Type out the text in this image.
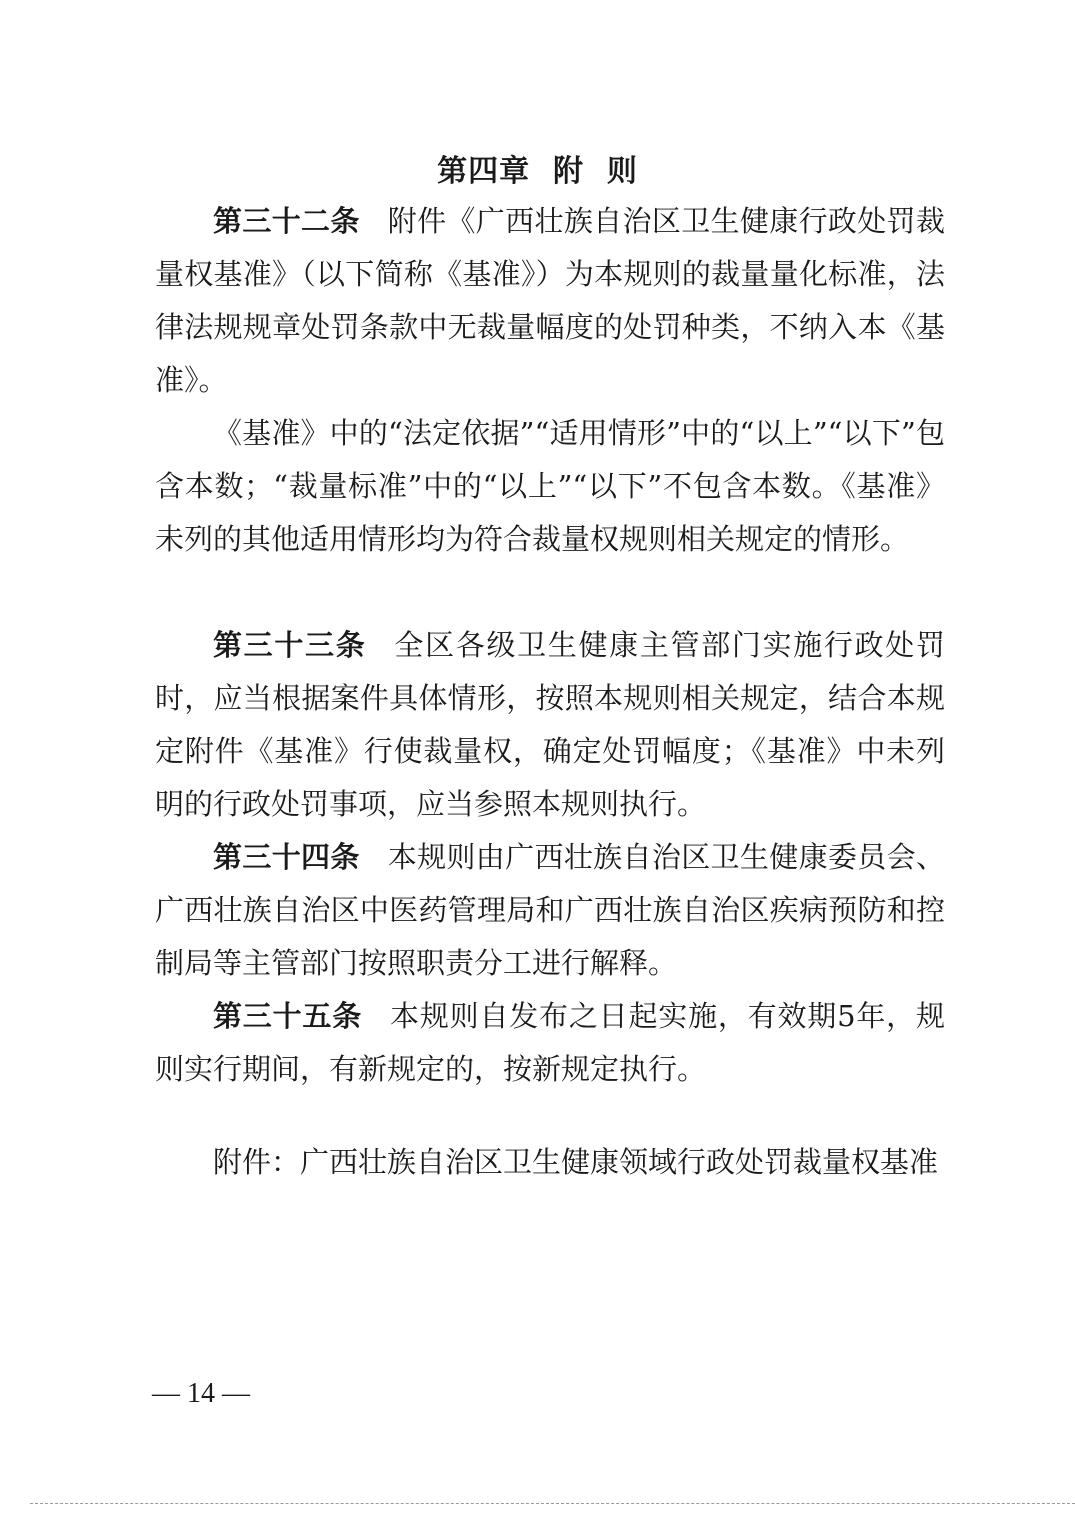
第四章  附  则

第三十二条 附件《广西壮族自治区卫生健康行政处罚裁量权基准》（以下简称《基准》）为本规则的裁量量化标准，法律法规规章处罚条款中无裁量幅度的处罚种类，不纳入本《基准》。

《基准》中的“法定依据”“适用情形”中的“以上”“以下”包含本数；“裁量标准”中的“以上”“以下”不包含本数。《基准》未列的其他适用情形均为符合裁量权规则相关规定的情形。

第三十三条 全区各级卫生健康主管部门实施行政处罚时，应当根据案件具体情形，按照本规则相关规定，结合本规定附件《基准》行使裁量权，确定处罚幅度；《基准》中未列明的行政处罚事项，应当参照本规则执行。

第三十四条 本规则由广西壮族自治区卫生健康委员会、广西壮族自治区中医药管理局和广西壮族自治区疾病预防和控制局等主管部门按照职责分工进行解释。

第三十五条 本规则自发布之日起实施，有效期5年，规则实行期间，有新规定的，按新规定执行。

附件：广西壮族自治区卫生健康领域行政处罚裁量权基准

— 14 —
